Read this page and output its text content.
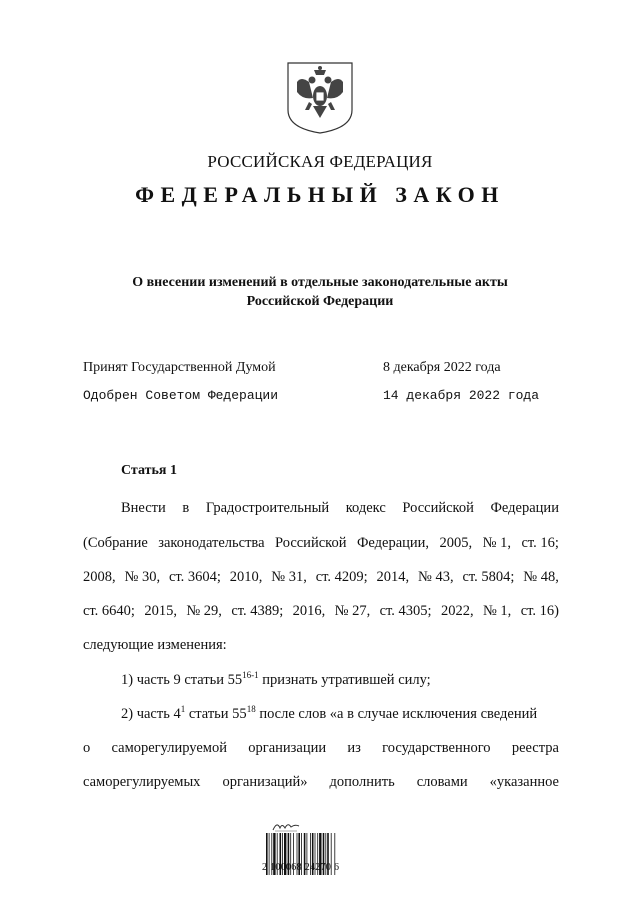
РОССИЙСКАЯ ФЕДЕРАЦИЯ
ФЕДЕРАЛЬНЫЙ ЗАКОН
О внесении изменений в отдельные законодательные акты
Российской Федерации
Принят Государственной Думой	8 декабря 2022 года
Одобрен Советом Федерации	14 декабря 2022 года
Статья 1
Внести в Градостроительный кодекс Российской Федерации
(Собрание законодательства Российской Федерации, 2005, № 1, ст. 16;
2008, № 30, ст. 3604; 2010, № 31, ст. 4209; 2014, № 43, ст. 5804; № 48,
ст. 6640; 2015, № 29, ст. 4389; 2016, № 27, ст. 4305; 2022, № 1, ст. 16)
следующие изменения:
1) часть 9 статьи 55$^{16-1}$ признать утратившей силу;
2) часть $4^1$ статьи $55^{18}$ после слов «а в случае исключения сведений
о саморегулируемой организации из государственного реестра
саморегулируемых организаций» дополнить словами «указанное
2 100068 24270 6
